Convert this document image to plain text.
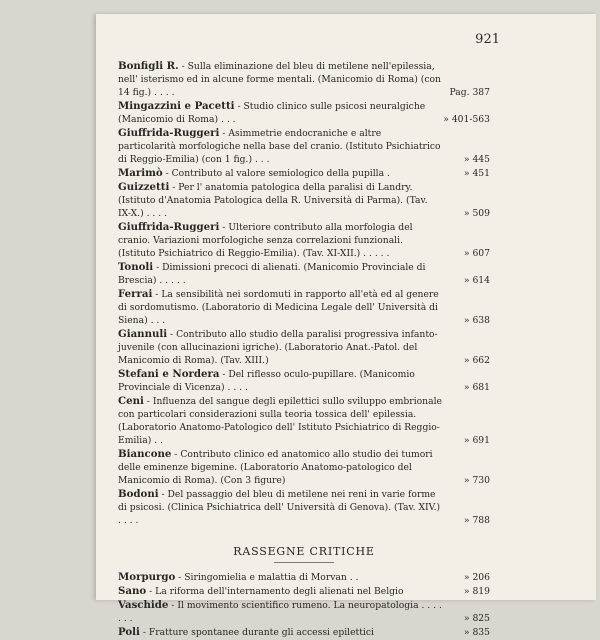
921
Bonfigli R. - Sulla eliminazione del bleu di metilene nell'epilessia, nell' isterismo ed in alcune forme mentali. (Manicomio di Roma) (con 14 fig.) . . . .	Pag. 387
Mingazzini e Pacetti - Studio clinico sulle psicosi neuralgiche (Manicomio di Roma) . . .	» 401-563
Giuffrida-Ruggeri - Asimmetrie endocraniche e altre particolarità morfologiche nella base del cranio. (Istituto Psichiatrico di Reggio-Emilia) (con 1 fig.) . . .	» 445
Marimò - Contributo al valore semiologico della pupilla .	» 451
Guizzetti - Per l' anatomia patologica della paralisi di Landry. (Istituto d'Anatomia Patologica della R. Università di Parma). (Tav. IX-X.) . . . .	» 509
Giuffrida-Ruggeri - Ulteriore contributo alla morfologia del cranio. Variazioni morfologiche senza correlazioni funzionali. (Istituto Psichiatrico di Reggio-Emilia). (Tav. XI-XII.) . . . . .	» 607
Tonoli - Dimissioni precoci di alienati. (Manicomio Provinciale di Brescia) . . . . .	» 614
Ferrai - La sensibilità nei sordomuti in rapporto all'età ed al genere di sordomutismo. (Laboratorio di Medicina Legale dell' Università di Siena) . . .	» 638
Giannuli - Contributo allo studio della paralisi progressiva infanto-juvenile (con allucinazioni igriche). (Laboratorio Anat.-Patol. del Manicomio di Roma). (Tav. XIII.)	» 662
Stefani e Nordera - Del riflesso oculo-pupillare. (Manicomio Provinciale di Vicenza) . . . .	» 681
Ceni - Influenza del sangue degli epilettici sullo sviluppo embrionale con particolari considerazioni sulla teoria tossica dell' epilessia. (Laboratorio Anatomo-Patologico dell' Istituto Psichiatrico di Reggio-Emilia) . .	» 691
Biancone - Contributo clinico ed anatomico allo studio dei tumori delle eminenze bigemine. (Laboratorio Anatomo-patologico del Manicomio di Roma). (Con 3 figure)	» 730
Bodoni - Del passaggio del bleu di metilene nei reni in varie forme di psicosi. (Clinica Psichiatrica dell' Università di Genova). (Tav. XIV.) . . . .	» 788
RASSEGNE CRITICHE
Morpurgo - Siringomielia e malattia di Morvan . .	» 206
Sano - La riforma dell'internamento degli alienati nel Belgio	» 819
Vaschide - Il movimento scientifico rumeno. La neuropatologia . . . . . . .	» 825
Poli - Fratture spontanee durante gli accessi epilettici	» 835
